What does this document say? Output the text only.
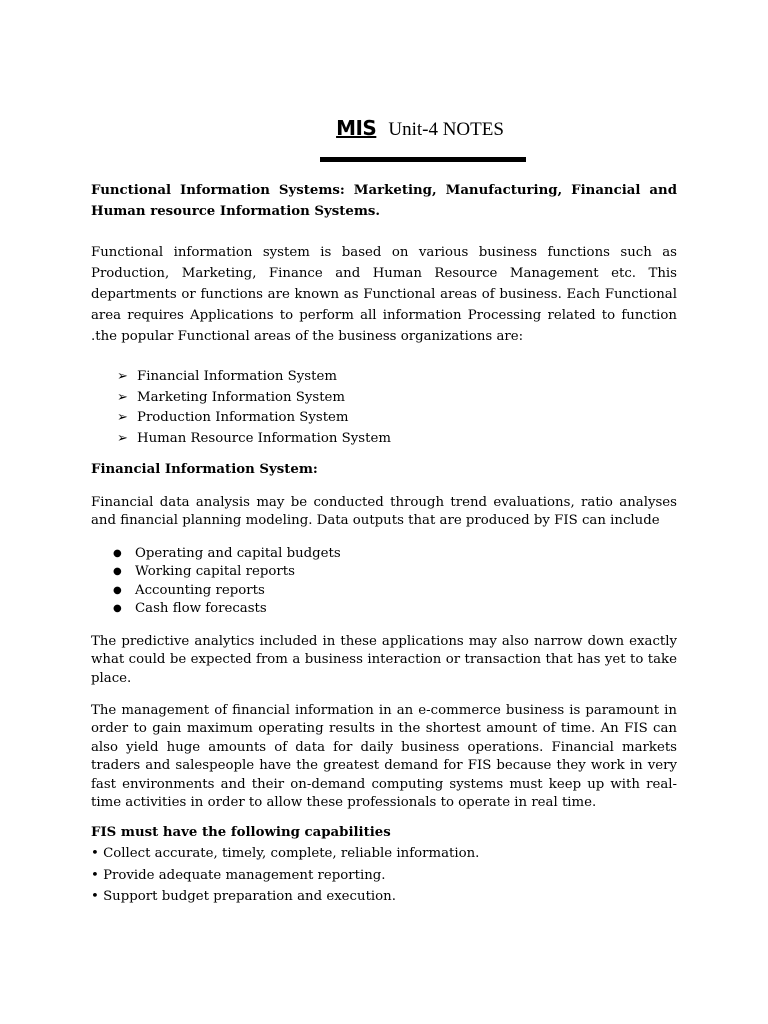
MIS Unit-4 NOTES

Functional Information Systems: Marketing, Manufacturing, Financial and Human resource Information Systems.

Functional information system is based on various business functions such as Production, Marketing, Finance and Human Resource Management etc. This departments or functions are known as Functional areas of business. Each Functional area requires Applications to perform all information Processing related to function .the popular Functional areas of the business organizations are:

➢ Financial Information System
➢ Marketing Information System
➢ Production Information System
➢ Human Resource Information System

Financial Information System:

Financial data analysis may be conducted through trend evaluations, ratio analyses and financial planning modeling. Data outputs that are produced by FIS can include

● Operating and capital budgets
● Working capital reports
● Accounting reports
● Cash flow forecasts

The predictive analytics included in these applications may also narrow down exactly what could be expected from a business interaction or transaction that has yet to take place.

The management of financial information in an e-commerce business is paramount in order to gain maximum operating results in the shortest amount of time. An FIS can also yield huge amounts of data for daily business operations. Financial markets traders and salespeople have the greatest demand for FIS because they work in very fast environments and their on-demand computing systems must keep up with real-time activities in order to allow these professionals to operate in real time.

FIS must have the following capabilities

• Collect accurate, timely, complete, reliable information.

• Provide adequate management reporting.

• Support budget preparation and execution.
